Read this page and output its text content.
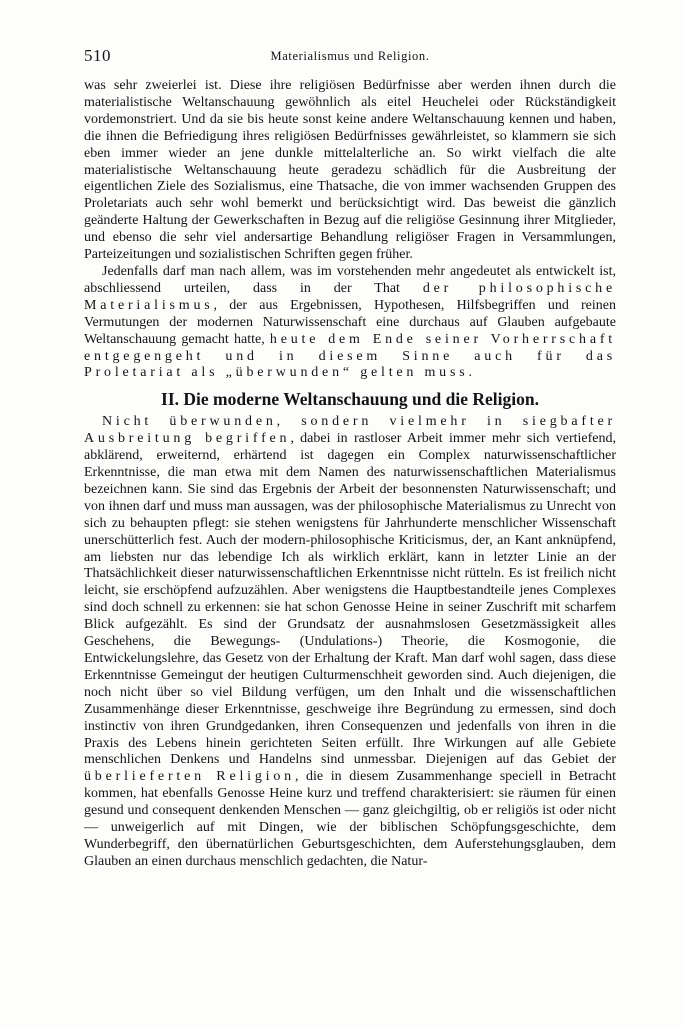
510	Materialismus und Religion.

was sehr zweierlei ist. Diese ihre religiösen Bedürfnisse aber werden ihnen durch die materialistische Weltanschauung gewöhnlich als eitel Heuchelei oder Rückständigkeit vordemonstriert. Und da sie bis heute sonst keine andere Weltanschauung kennen und haben, die ihnen die Befriedigung ihres religiösen Bedürfnisses gewährleistet, so klammern sie sich eben immer wieder an jene dunkle mittelalterliche an. So wirkt vielfach die alte materialistische Weltanschauung heute geradezu schädlich für die Ausbreitung der eigentlichen Ziele des Sozialismus, eine Thatsache, die von immer wachsenden Gruppen des Proletariats auch sehr wohl bemerkt und berücksichtigt wird. Das beweist die gänzlich geänderte Haltung der Gewerkschaften in Bezug auf die religiöse Gesinnung ihrer Mitglieder, und ebenso die sehr viel andersartige Behandlung religiöser Fragen in Versammlungen, Parteizeitungen und sozialistischen Schriften gegen früher.

Jedenfalls darf man nach allem, was im vorstehenden mehr angedeutet als entwickelt ist, abschliessend urteilen, dass in der That der philosophische Materialismus, der aus Ergebnissen, Hypothesen, Hilfsbegriffen und reinen Vermutungen der modernen Naturwissenschaft eine durchaus auf Glauben aufgebaute Weltanschauung gemacht hatte, heute dem Ende seiner Vorherrschaft entgegengeht und in diesem Sinne auch für das Proletariat als „überwunden“ gelten muss.

II. Die moderne Weltanschauung und die Religion.

Nicht überwunden, sondern vielmehr in siegbafter Ausbreitung begriffen, dabei in rastloser Arbeit immer mehr sich vertiefend, abklärend, erweiternd, erhärtend ist dagegen ein Complex naturwissenschaftlicher Erkenntnisse, die man etwa mit dem Namen des naturwissenschaftlichen Materialismus bezeichnen kann. Sie sind das Ergebnis der Arbeit der besonnensten Naturwissenschaft; und von ihnen darf und muss man aussagen, was der philosophische Materialismus zu Unrecht von sich zu behaupten pflegt: sie stehen wenigstens für Jahrhunderte menschlicher Wissenschaft unerschütterlich fest. Auch der modern-philosophische Kriticismus, der, an Kant anknüpfend, am liebsten nur das lebendige Ich als wirklich erklärt, kann in letzter Linie an der Thatsächlichkeit dieser naturwissenschaftlichen Erkenntnisse nicht rütteln. Es ist freilich nicht leicht, sie erschöpfend aufzuzählen. Aber wenigstens die Hauptbestandteile jenes Complexes sind doch schnell zu erkennen: sie hat schon Genosse Heine in seiner Zuschrift mit scharfem Blick aufgezählt. Es sind der Grundsatz der ausnahmslosen Gesetzmässigkeit alles Geschehens, die Bewegungs- (Undulations-) Theorie, die Kosmogonie, die Entwickelungslehre, das Gesetz von der Erhaltung der Kraft. Man darf wohl sagen, dass diese Erkenntnisse Gemeingut der heutigen Culturmenschheit geworden sind. Auch diejenigen, die noch nicht über so viel Bildung verfügen, um den Inhalt und die wissenschaftlichen Zusammenhänge dieser Erkenntnisse, geschweige ihre Begründung zu ermessen, sind doch instinctiv von ihren Grundgedanken, ihren Consequenzen und jedenfalls von ihren in die Praxis des Lebens hinein gerichteten Seiten erfüllt. Ihre Wirkungen auf alle Gebiete menschlichen Denkens und Handelns sind unmessbar. Diejenigen auf das Gebiet der überlieferten Religion, die in diesem Zusammenhange speciell in Betracht kommen, hat ebenfalls Genosse Heine kurz und treffend charakterisiert: sie räumen für einen gesund und consequent denkenden Menschen — ganz gleichgiltig, ob er religiös ist oder nicht — unweigerlich auf mit Dingen, wie der biblischen Schöpfungsgeschichte, dem Wunderbegriff, den übernatürlichen Geburtsgeschichten, dem Auferstehungsglauben, dem Glauben an einen durchaus menschlich gedachten, die Natur-
